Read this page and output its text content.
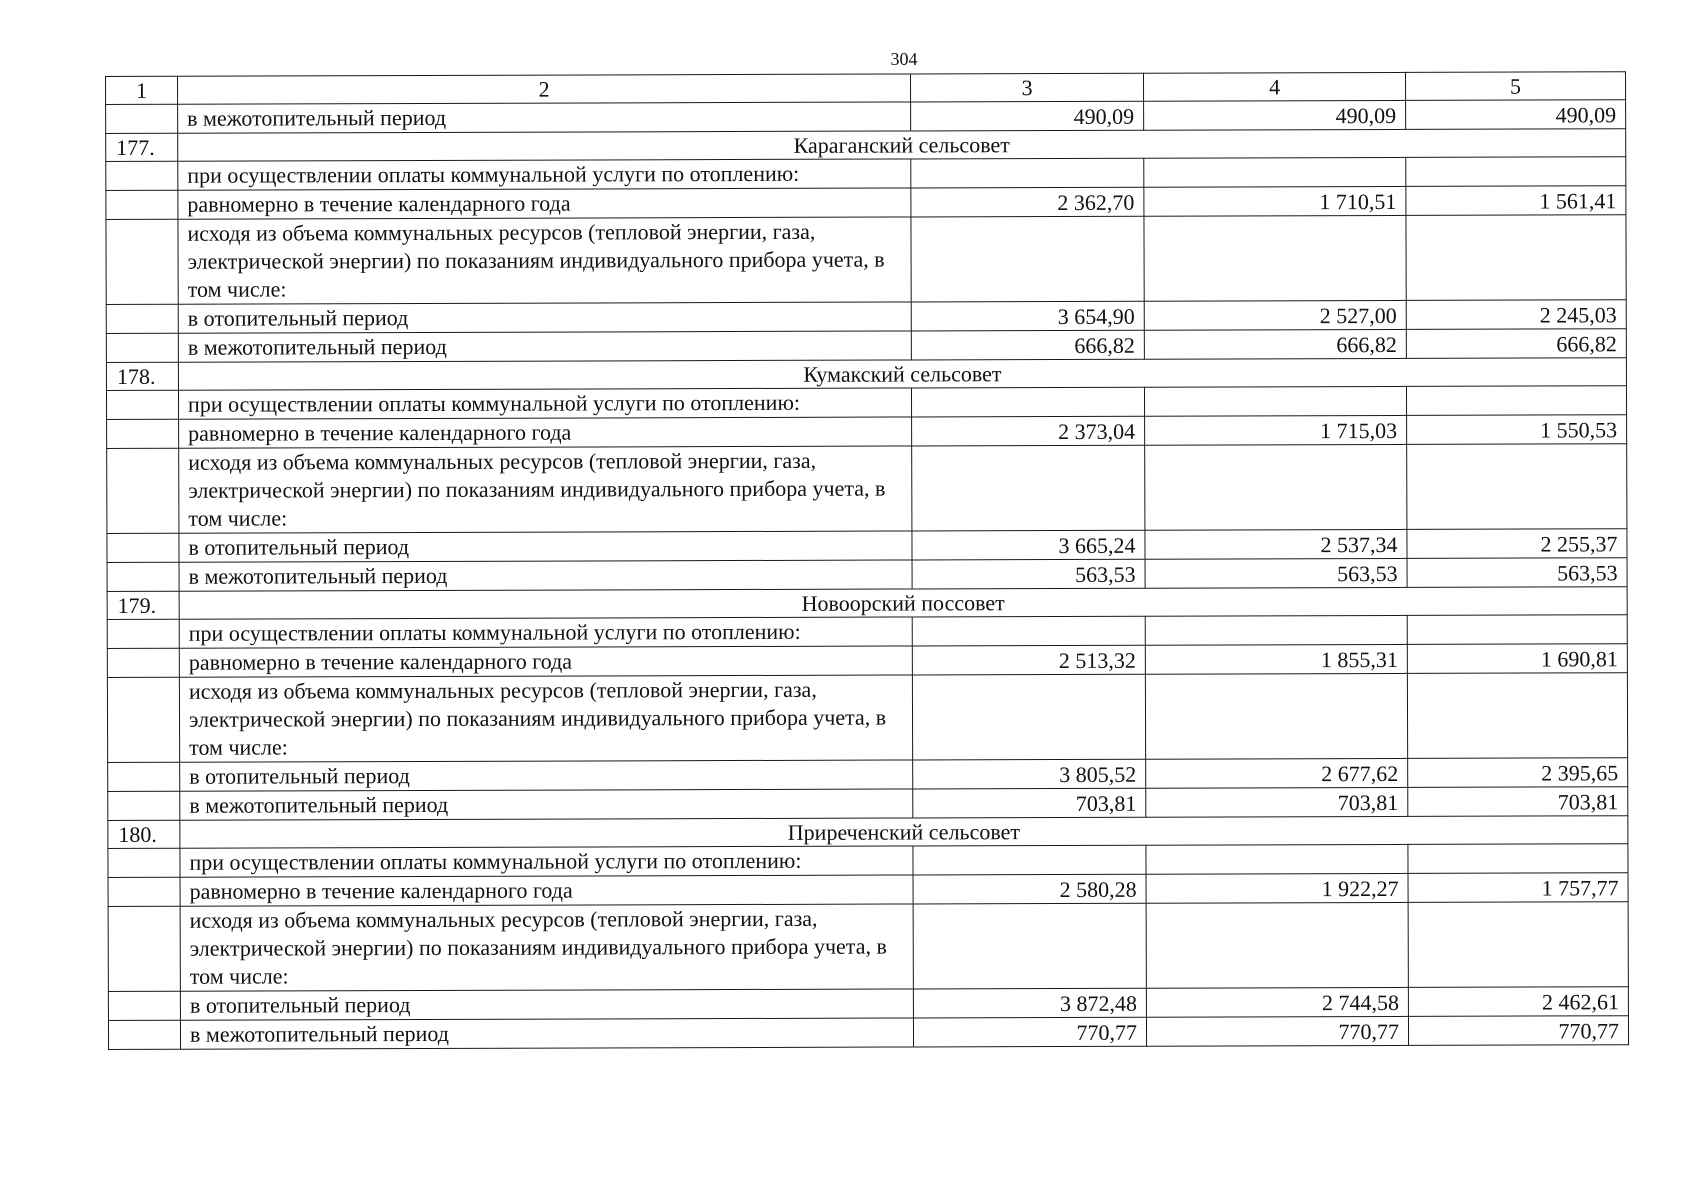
304
1	2	3	4	5
	в межотопительный период	490,09	490,09	490,09
177.	Караганский сельсовет			
	при осуществлении оплаты коммунальной услуги по отоплению:			
	равномерно в течение календарного года	2 362,70	1 710,51	1 561,41
	исходя из объема коммунальных ресурсов (тепловой энергии, газа, электрической энергии) по показаниям индивидуального прибора учета, в том числе:			
	в отопительный период	3 654,90	2 527,00	2 245,03
	в межотопительный период	666,82	666,82	666,82
178.	Кумакский сельсовет			
	при осуществлении оплаты коммунальной услуги по отоплению:			
	равномерно в течение календарного года	2 373,04	1 715,03	1 550,53
	исходя из объема коммунальных ресурсов (тепловой энергии, газа, электрической энергии) по показаниям индивидуального прибора учета, в том числе:			
	в отопительный период	3 665,24	2 537,34	2 255,37
	в межотопительный период	563,53	563,53	563,53
179.	Новоорский поссовет			
	при осуществлении оплаты коммунальной услуги по отоплению:			
	равномерно в течение календарного года	2 513,32	1 855,31	1 690,81
	исходя из объема коммунальных ресурсов (тепловой энергии, газа, электрической энергии) по показаниям индивидуального прибора учета, в том числе:			
	в отопительный период	3 805,52	2 677,62	2 395,65
	в межотопительный период	703,81	703,81	703,81
180.	Приреченский сельсовет			
	при осуществлении оплаты коммунальной услуги по отоплению:			
	равномерно в течение календарного года	2 580,28	1 922,27	1 757,77
	исходя из объема коммунальных ресурсов (тепловой энергии, газа, электрической энергии) по показаниям индивидуального прибора учета, в том числе:			
	в отопительный период	3 872,48	2 744,58	2 462,61
	в межотопительный период	770,77	770,77	770,77
